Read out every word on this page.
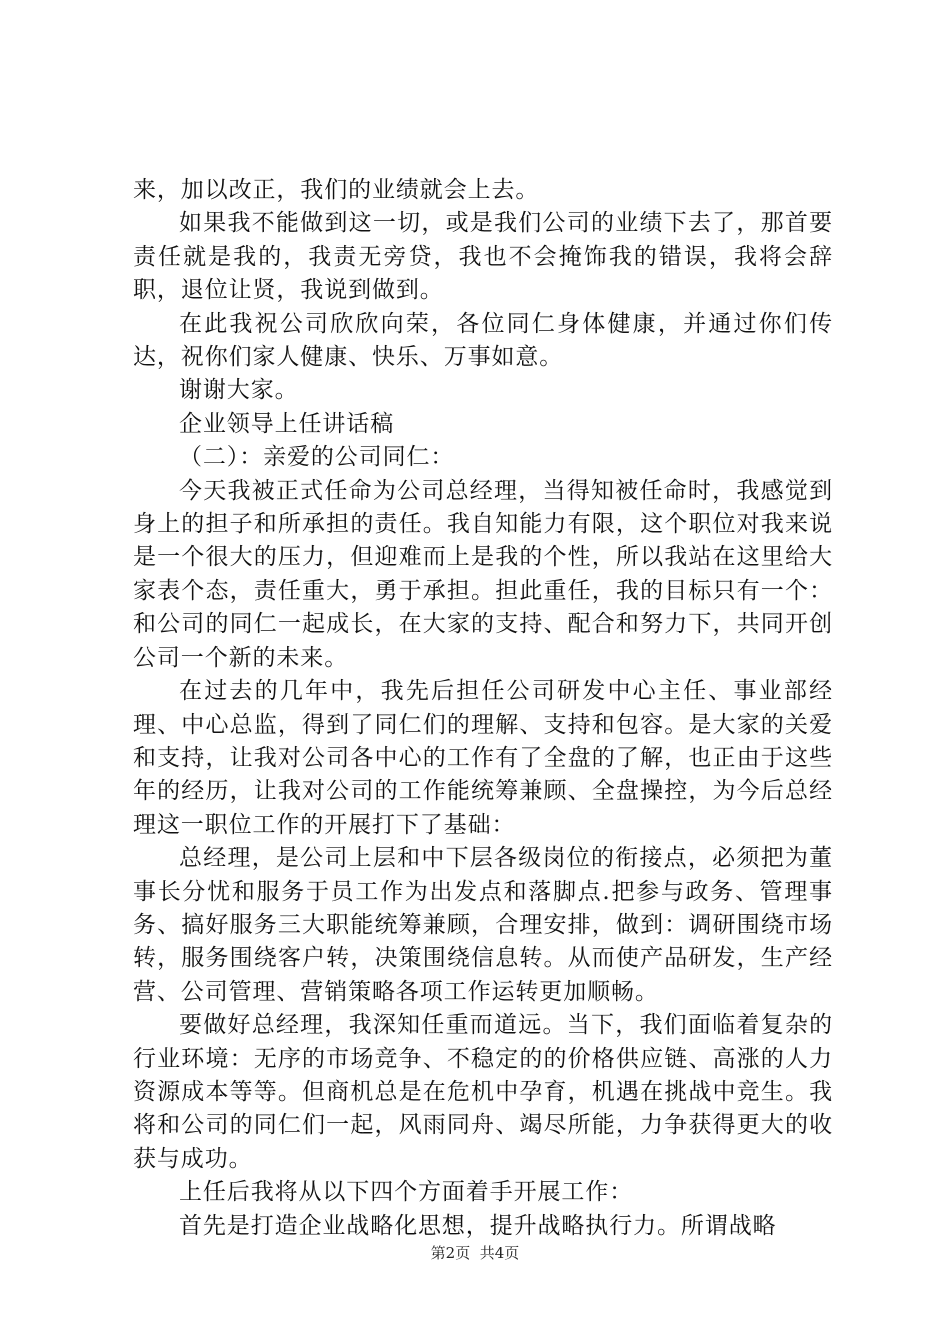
来，加以改正，我们的业绩就会上去。

如果我不能做到这一切，或是我们公司的业绩下去了，那首要责任就是我的，我责无旁贷，我也不会掩饰我的错误，我将会辞职，退位让贤，我说到做到。

在此我祝公司欣欣向荣，各位同仁身体健康，并通过你们传达，祝你们家人健康、快乐、万事如意。

谢谢大家。

企业领导上任讲话稿

（二）：亲爱的公司同仁：

今天我被正式任命为公司总经理，当得知被任命时，我感觉到身上的担子和所承担的责任。我自知能力有限，这个职位对我来说是一个很大的压力，但迎难而上是我的个性，所以我站在这里给大家表个态，责任重大，勇于承担。担此重任，我的目标只有一个：和公司的同仁一起成长，在大家的支持、配合和努力下，共同开创公司一个新的未来。

在过去的几年中，我先后担任公司研发中心主任、事业部经理、中心总监，得到了同仁们的理解、支持和包容。是大家的关爱和支持，让我对公司各中心的工作有了全盘的了解，也正由于这些年的经历，让我对公司的工作能统筹兼顾、全盘操控，为今后总经理这一职位工作的开展打下了基础：

总经理，是公司上层和中下层各级岗位的衔接点，必须把为董事长分忧和服务于员工作为出发点和落脚点.把参与政务、管理事务、搞好服务三大职能统筹兼顾，合理安排，做到：调研围绕市场转，服务围绕客户转，决策围绕信息转。从而使产品研发，生产经营、公司管理、营销策略各项工作运转更加顺畅。

要做好总经理，我深知任重而道远。当下，我们面临着复杂的行业环境：无序的市场竞争、不稳定的的价格供应链、高涨的人力资源成本等等。但商机总是在危机中孕育，机遇在挑战中竞生。我将和公司的同仁们一起，风雨同舟、竭尽所能，力争获得更大的收获与成功。

上任后我将从以下四个方面着手开展工作：

首先是打造企业战略化思想，提升战略执行力。所谓战略

第2页 共4页
